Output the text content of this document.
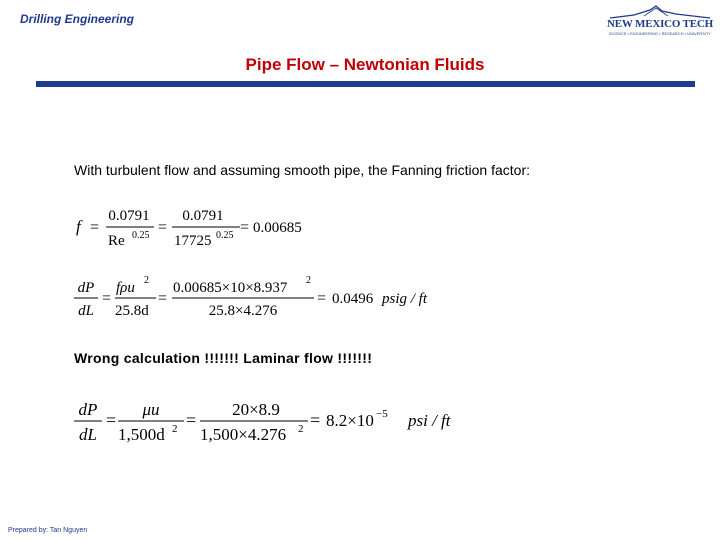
Drilling Engineering	NEW MEXICO TECH
SCIENCE • ENGINEERING • RESEARCH • UNIVERSITY
Pipe Flow – Newtonian Fluids
With turbulent flow and assuming smooth pipe, the Fanning friction factor:
f =
0.0791
Re 0.25 =
0.0791
17725 0.25 = 0.00685
dP
dL
=
fρu 2
25.8d
=
0.00685×10×8.937 2
25.8×4.276
= 0.0496 psig / ft
Wrong calculation !!!!!!! Laminar flow !!!!!!!
dP
dL
=
μu
1,500d 2 =
20×8.9
1,500×4.276 2 = 8.2×10 −5 psi / ft
Prepared by: Tan Nguyen
